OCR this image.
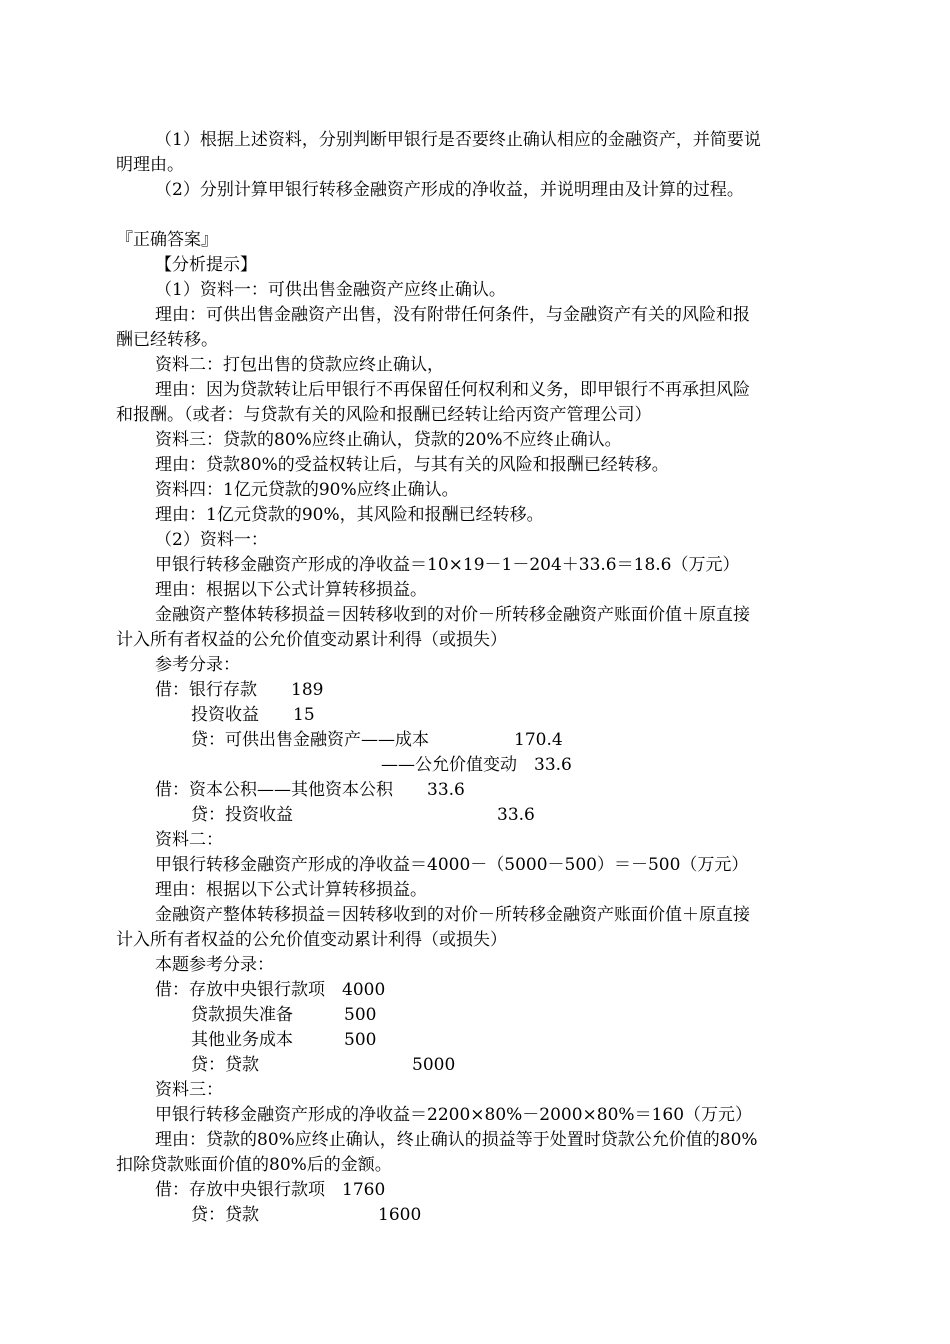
（1）根据上述资料，分别判断甲银行是否要终止确认相应的金融资产，并简要说
明理由。
（2）分别计算甲银行转移金融资产形成的净收益，并说明理由及计算的过程。
『正确答案』
【分析提示】
（1）资料一：可供出售金融资产应终止确认。
理由：可供出售金融资产出售，没有附带任何条件，与金融资产有关的风险和报
酬已经转移。
资料二：打包出售的贷款应终止确认，
理由：因为贷款转让后甲银行不再保留任何权利和义务，即甲银行不再承担风险
和报酬。（或者：与贷款有关的风险和报酬已经转让给丙资产管理公司）
资料三：贷款的80%应终止确认，贷款的20%不应终止确认。
理由：贷款80%的受益权转让后，与其有关的风险和报酬已经转移。
资料四：1亿元贷款的90%应终止确认。
理由：1亿元贷款的90%，其风险和报酬已经转移。
（2）资料一：
甲银行转移金融资产形成的净收益＝10×19－1－204＋33.6＝18.6（万元）
理由：根据以下公式计算转移损益。
金融资产整体转移损益＝因转移收到的对价－所转移金融资产账面价值＋原直接
计入所有者权益的公允价值变动累计利得（或损失）
参考分录：
借：银行存款　　189
投资收益　　15
贷：可供出售金融资产——成本　　　　　170.4
——公允价值变动　33.6
借：资本公积——其他资本公积　　33.6
贷：投资收益　　　　　　　　　　　　33.6
资料二：
甲银行转移金融资产形成的净收益＝4000－（5000－500）＝－500（万元）
理由：根据以下公式计算转移损益。
金融资产整体转移损益＝因转移收到的对价－所转移金融资产账面价值＋原直接
计入所有者权益的公允价值变动累计利得（或损失）
本题参考分录：
借：存放中央银行款项　4000
贷款损失准备　　　500
其他业务成本　　　500
贷：贷款　　　　　　　　　5000
资料三：
甲银行转移金融资产形成的净收益＝2200×80%－2000×80%＝160（万元）
理由：贷款的80%应终止确认，终止确认的损益等于处置时贷款公允价值的80%
扣除贷款账面价值的80%后的金额。
借：存放中央银行款项　1760
贷：贷款　　　　　　　1600
